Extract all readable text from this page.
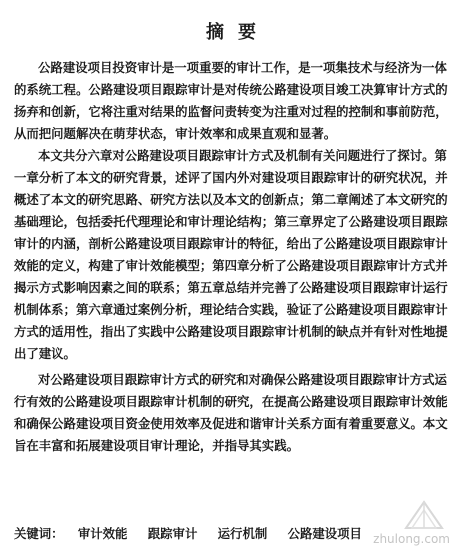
摘要
公路建设项目投资审计是一项重要的审计工作，是一项集技术与经济为一体
的系统工程。公路建设项目跟踪审计是对传统公路建设项目竣工决算审计方式的
扬弃和创新，它将注重对结果的监督问责转变为注重对过程的控制和事前防范，
从而把问题解决在萌芽状态，审计效率和成果直观和显著。
本文共分六章对公路建设项目跟踪审计方式及机制有关问题进行了探讨。第
一章分析了本文的研究背景，述评了国内外对建设项目跟踪审计的研究状况，并
概述了本文的研究思路、研究方法以及本文的创新点；第二章阐述了本文研究的
基础理论，包括委托代理理论和审计理论结构；第三章界定了公路建设项目跟踪
审计的内涵，剖析公路建设项目跟踪审计的特征，给出了公路建设项目跟踪审计
效能的定义，构建了审计效能模型；第四章分析了公路建设项目跟踪审计方式并
揭示方式影响因素之间的联系；第五章总结并完善了公路建设项目跟踪审计运行
机制体系；第六章通过案例分析，理论结合实践，验证了公路建设项目跟踪审计
方式的适用性，指出了实践中公路建设项目跟踪审计机制的缺点并有针对性地提
出了建议。
对公路建设项目跟踪审计方式的研究和对确保公路建设项目跟踪审计方式运
行有效的公路建设项目跟踪审计机制的研究，在提高公路建设项目跟踪审计效能
和确保公路建设项目资金使用效率及促进和谐审计关系方面有着重要意义。本文
旨在丰富和拓展建设项目审计理论，并指导其实践。
关键词： 审计效能 跟踪审计 运行机制 公路建设项目 zhulong.com
